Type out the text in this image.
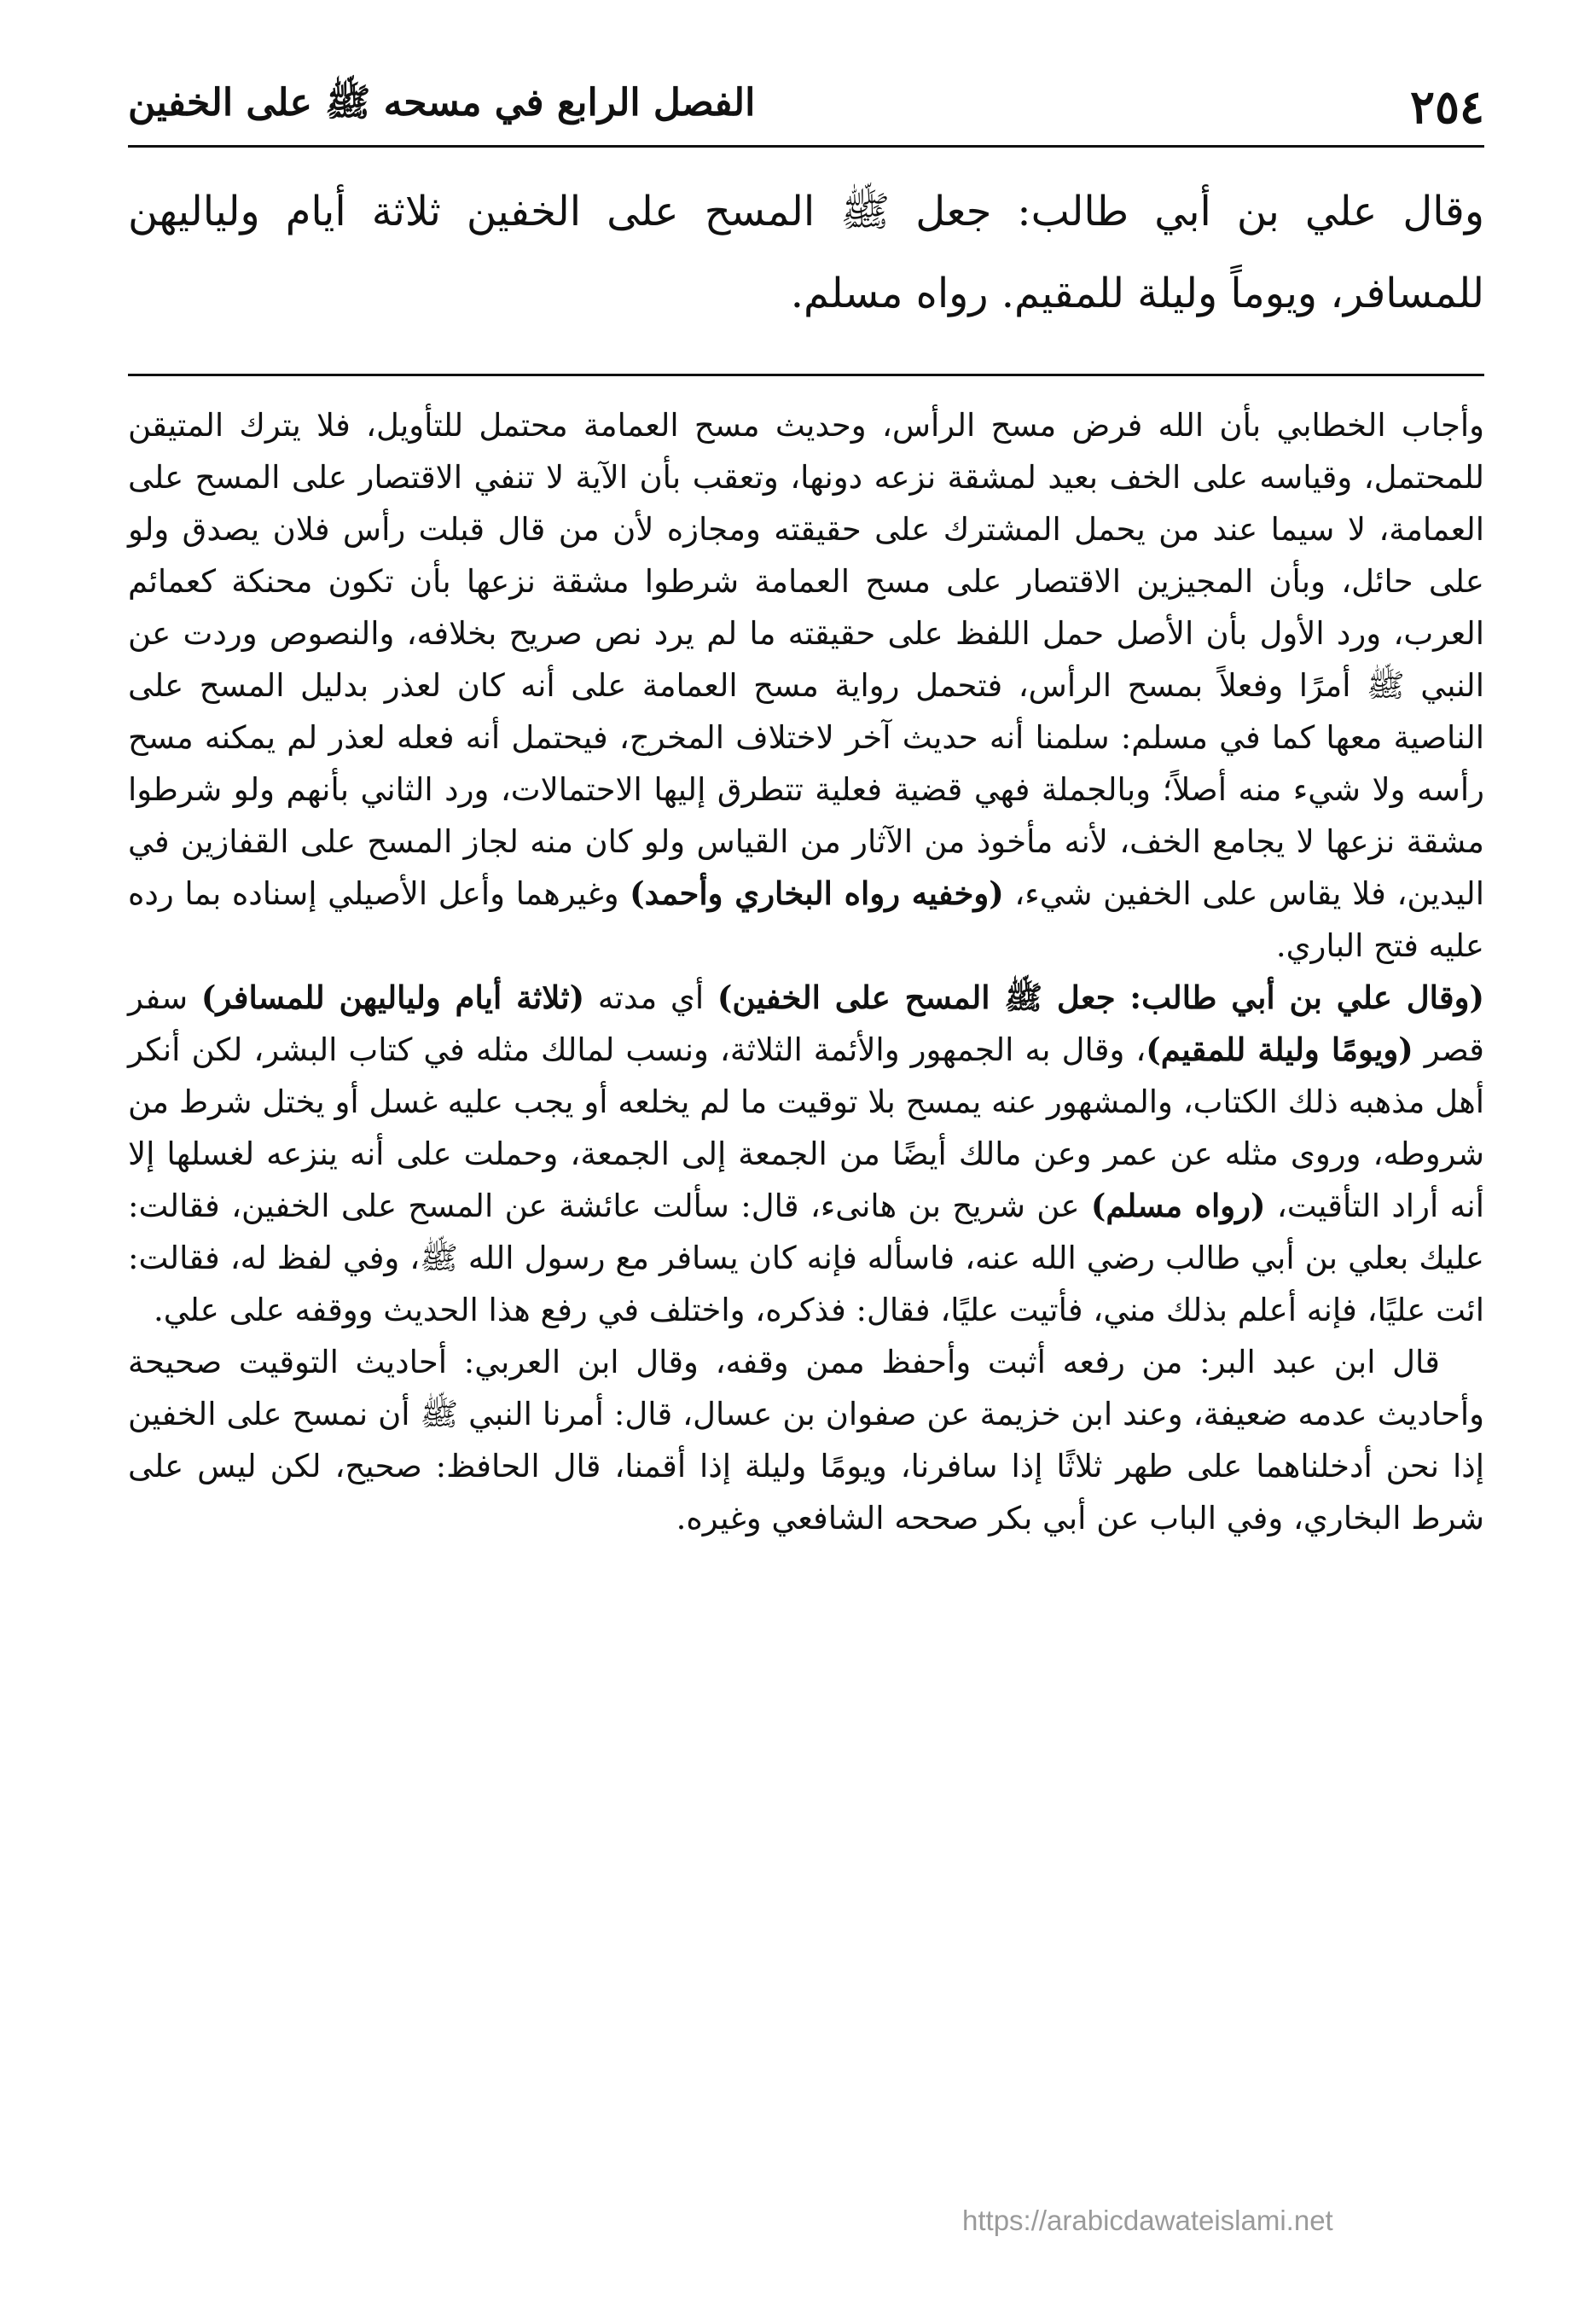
٢٥٤
الفصل الرابع في مسحه ﷺ على الخفين

وقال علي بن أبي طالب: جعل ﷺ المسح على الخفين ثلاثة أيام ولياليهن للمسافر، ويوماً وليلة للمقيم. رواه مسلم.

وأجاب الخطابي بأن الله فرض مسح الرأس، وحديث مسح العمامة محتمل للتأويل، فلا يترك المتيقن للمحتمل، وقياسه على الخف بعيد لمشقة نزعه دونها، وتعقب بأن الآية لا تنفي الاقتصار على المسح على العمامة، لا سيما عند من يحمل المشترك على حقيقته ومجازه لأن من قال قبلت رأس فلان يصدق ولو على حائل، وبأن المجيزين الاقتصار على مسح العمامة شرطوا مشقة نزعها بأن تكون محنكة كعمائم العرب، ورد الأول بأن الأصل حمل اللفظ على حقيقته ما لم يرد نص صريح بخلافه، والنصوص وردت عن النبي ﷺ أمرًا وفعلاً بمسح الرأس، فتحمل رواية مسح العمامة على أنه كان لعذر بدليل المسح على الناصية معها كما في مسلم: سلمنا أنه حديث آخر لاختلاف المخرج، فيحتمل أنه فعله لعذر لم يمكنه مسح رأسه ولا شيء منه أصلاً؛ وبالجملة فهي قضية فعلية تتطرق إليها الاحتمالات، ورد الثاني بأنهم ولو شرطوا مشقة نزعها لا يجامع الخف، لأنه مأخوذ من الآثار من القياس ولو كان منه لجاز المسح على القفازين في اليدين، فلا يقاس على الخفين شيء، (وخفيه رواه البخاري وأحمد) وغيرهما وأعل الأصيلي إسناده بما رده عليه فتح الباري.

(وقال علي بن أبي طالب: جعل ﷺ المسح على الخفين) أي مدته (ثلاثة أيام ولياليهن للمسافر) سفر قصر (ويومًا وليلة للمقيم)، وقال به الجمهور والأئمة الثلاثة، ونسب لمالك مثله في كتاب البشر، لكن أنكر أهل مذهبه ذلك الكتاب، والمشهور عنه يمسح بلا توقيت ما لم يخلعه أو يجب عليه غسل أو يختل شرط من شروطه، وروى مثله عن عمر وعن مالك أيضًا من الجمعة إلى الجمعة، وحملت على أنه ينزعه لغسلها إلا أنه أراد التأقيت، (رواه مسلم) عن شريح بن هانىء، قال: سألت عائشة عن المسح على الخفين، فقالت: عليك بعلي بن أبي طالب رضي الله عنه، فاسأله فإنه كان يسافر مع رسول الله ﷺ، وفي لفظ له، فقالت: ائت عليًا، فإنه أعلم بذلك مني، فأتيت عليًا، فقال: فذكره، واختلف في رفع هذا الحديث ووقفه على علي.

قال ابن عبد البر: من رفعه أثبت وأحفظ ممن وقفه، وقال ابن العربي: أحاديث التوقيت صحيحة وأحاديث عدمه ضعيفة، وعند ابن خزيمة عن صفوان بن عسال، قال: أمرنا النبي ﷺ أن نمسح على الخفين إذا نحن أدخلناهما على طهر ثلاثًا إذا سافرنا، ويومًا وليلة إذا أقمنا، قال الحافظ: صحيح، لكن ليس على شرط البخاري، وفي الباب عن أبي بكر صححه الشافعي وغيره.

https://arabicdawateislami.net
